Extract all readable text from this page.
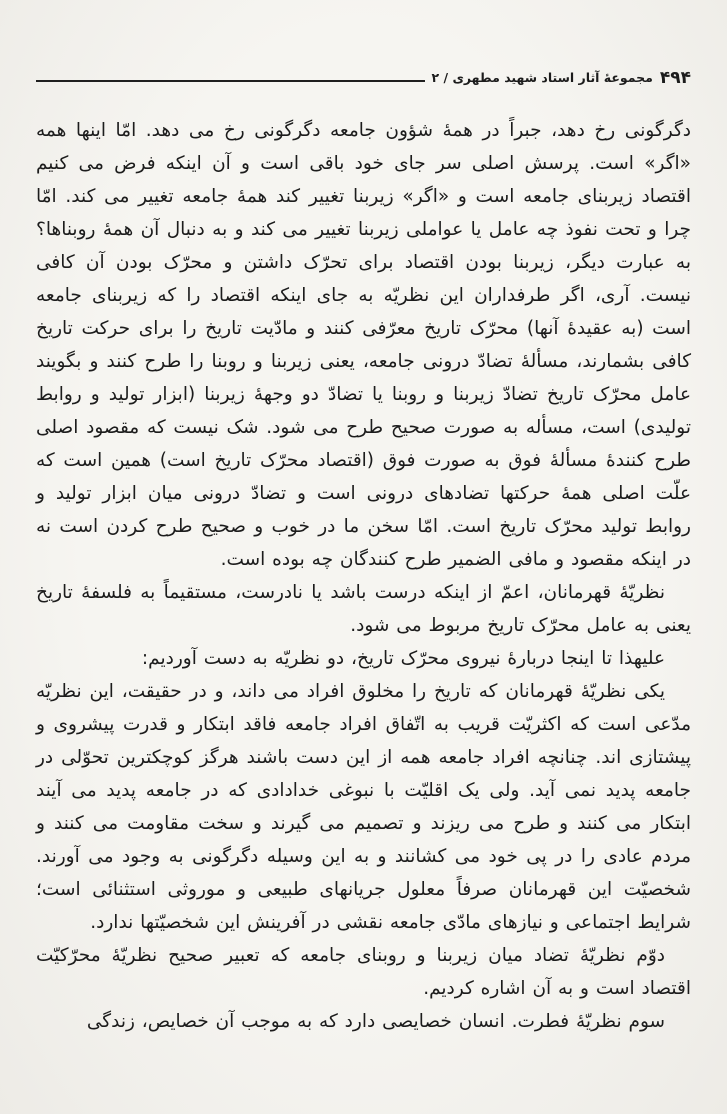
۴۹۴
مجموعهٔ آثار استاد شهید مطهری / ۲

دگرگونی رخ دهد، جبراً در همهٔ شؤون جامعه دگرگونی رخ می دهد. امّا اینها همه «اگر» است. پرسش اصلی سر جای خود باقی است و آن اینکه فرض می کنیم اقتصاد زیربنای جامعه است و «اگر» زیربنا تغییر کند همهٔ جامعه تغییر می کند. امّا چرا و تحت نفوذ چه عامل یا عواملی زیربنا تغییر می کند و به دنبال آن همهٔ روبناها؟ به عبارت دیگر، زیربنا بودن اقتصاد برای تحرّک داشتن و محرّک بودن آن کافی نیست. آری، اگر طرفداران این نظریّه به جای اینکه اقتصاد را که زیربنای جامعه است (به عقیدهٔ آنها) محرّک تاریخ معرّفی کنند و مادّیت تاریخ را برای حرکت تاریخ کافی بشمارند، مسألهٔ تضادّ درونی جامعه، یعنی زیربنا و روبنا را طرح کنند و بگویند عامل محرّک تاریخ تضادّ زیربنا و روبنا یا تضادّ دو وجههٔ زیربنا (ابزار تولید و روابط تولیدی) است، مسأله به صورت صحیح طرح می شود. شک نیست که مقصود اصلی طرح کنندهٔ مسألهٔ فوق به صورت فوق (اقتصاد محرّک تاریخ است) همین است که علّت اصلی همهٔ حرکتها تضادهای درونی است و تضادّ درونی میان ابزار تولید و روابط تولید محرّک تاریخ است. امّا سخن ما در خوب و صحیح طرح کردن است نه در اینکه مقصود و مافی الضمیر طرح کنندگان چه بوده است.

نظریّهٔ قهرمانان، اعمّ از اینکه درست باشد یا نادرست، مستقیماً به فلسفهٔ تاریخ یعنی به عامل محرّک تاریخ مربوط می شود.

علیهذا تا اینجا دربارهٔ نیروی محرّک تاریخ، دو نظریّه به دست آوردیم:

یکی نظریّهٔ قهرمانان که تاریخ را مخلوق افراد می داند، و در حقیقت، این نظریّه مدّعی است که اکثریّت قریب به اتّفاق افراد جامعه فاقد ابتکار و قدرت پیشروی و پیشتازی اند. چنانچه افراد جامعه همه از این دست باشند هرگز کوچکترین تحوّلی در جامعه پدید نمی آید. ولی یک اقلیّت با نبوغی خدادادی که در جامعه پدید می آیند ابتکار می کنند و طرح می ریزند و تصمیم می گیرند و سخت مقاومت می کنند و مردم عادی را در پی خود می کشانند و به این وسیله دگرگونی به وجود می آورند. شخصیّت این قهرمانان صرفاً معلول جریانهای طبیعی و موروثی استثنائی است؛ شرایط اجتماعی و نیازهای مادّی جامعه نقشی در آفرینش این شخصیّتها ندارد.

دوّم نظریّهٔ تضاد میان زیربنا و روبنای جامعه که تعبیر صحیح نظریّهٔ محرّکیّت اقتصاد است و به آن اشاره کردیم.

سوم نظریّهٔ فطرت. انسان خصایصی دارد که به موجب آن خصایص، زندگی
